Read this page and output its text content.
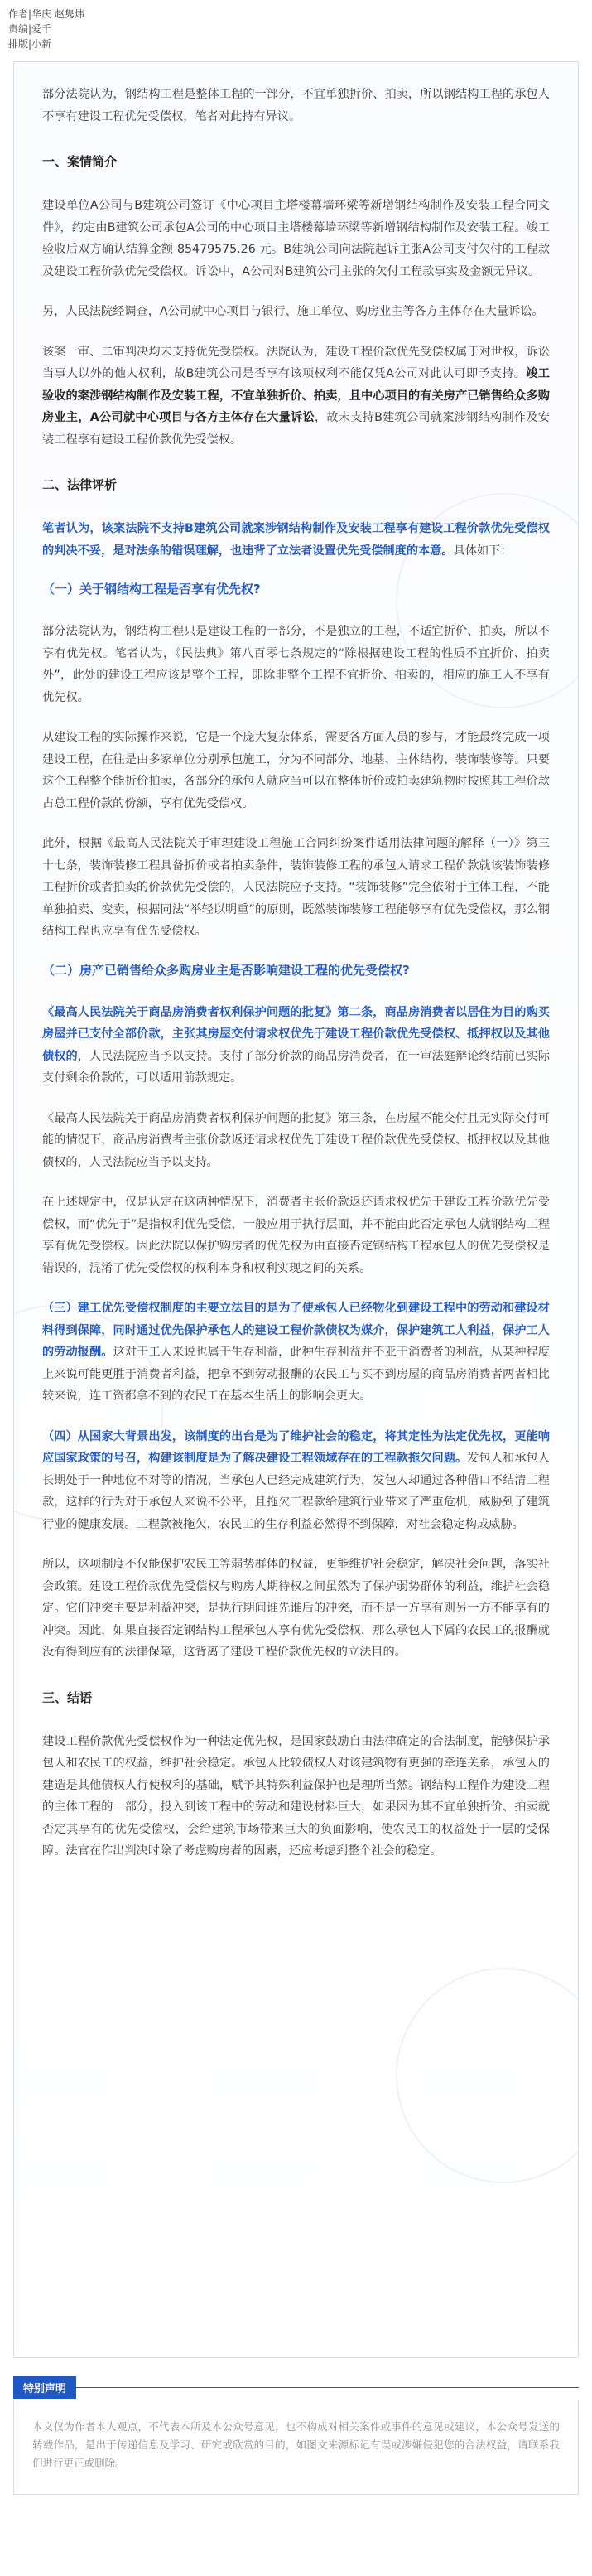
作者|华庆 赵隽炜
责编|爱千
排版|小新

部分法院认为，钢结构工程是整体工程的一部分，不宜单独折价、拍卖，所以钢结构工程的承包人不享有建设工程优先受偿权，笔者对此持有异议。

一、案情简介

建设单位A公司与B建筑公司签订《中心项目主塔楼幕墙环梁等新增钢结构制作及安装工程合同文件》，约定由B建筑公司承包A公司的中心项目主塔楼幕墙环梁等新增钢结构制作及安装工程。竣工验收后双方确认结算金额 85479575.26 元。B建筑公司向法院起诉主张A公司支付欠付的工程款及建设工程价款优先受偿权。诉讼中，A公司对B建筑公司主张的欠付工程款事实及金额无异议。

另，人民法院经调查，A公司就中心项目与银行、施工单位、购房业主等各方主体存在大量诉讼。

该案一审、二审判决均未支持优先受偿权。法院认为，建设工程价款优先受偿权属于对世权，诉讼当事人以外的他人权利，故B建筑公司是否享有该项权利不能仅凭A公司对此认可即予支持。竣工验收的案涉钢结构制作及安装工程，不宜单独折价、拍卖，且中心项目的有关房产已销售给众多购房业主，A公司就中心项目与各方主体存在大量诉讼，故未支持B建筑公司就案涉钢结构制作及安装工程享有建设工程价款优先受偿权。

二、法律评析

笔者认为，该案法院不支持B建筑公司就案涉钢结构制作及安装工程享有建设工程价款优先受偿权的判决不妥，是对法条的错误理解，也违背了立法者设置优先受偿制度的本意。具体如下：

（一）关于钢结构工程是否享有优先权?

部分法院认为，钢结构工程只是建设工程的一部分，不是独立的工程，不适宜折价、拍卖，所以不享有优先权。笔者认为，《民法典》第八百零七条规定的“除根据建设工程的性质不宜折价、拍卖外”，此处的建设工程应该是整个工程，即除非整个工程不宜折价、拍卖的，相应的施工人不享有优先权。

从建设工程的实际操作来说，它是一个庞大复杂体系，需要各方面人员的参与，才能最终完成一项建设工程，在往是由多家单位分别承包施工，分为不同部分、地基、主体结构、装饰装修等。只要这个工程整个能折价拍卖，各部分的承包人就应当可以在整体折价或拍卖建筑物时按照其工程价款占总工程价款的份额，享有优先受偿权。

此外，根据《最高人民法院关于审理建设工程施工合同纠纷案件适用法律问题的解释（一）》第三十七条，装饰装修工程具备折价或者拍卖条件，装饰装修工程的承包人请求工程价款就该装饰装修工程折价或者拍卖的价款优先受偿的，人民法院应予支持。“装饰装修”完全依附于主体工程，不能单独拍卖、变卖，根据同法“举轻以明重”的原则，既然装饰装修工程能够享有优先受偿权，那么钢结构工程也应享有优先受偿权。

（二）房产已销售给众多购房业主是否影响建设工程的优先受偿权?

《最高人民法院关于商品房消费者权利保护问题的批复》第二条，商品房消费者以居住为目的购买房屋并已支付全部价款，主张其房屋交付请求权优先于建设工程价款优先受偿权、抵押权以及其他债权的，人民法院应当予以支持。支付了部分价款的商品房消费者，在一审法庭辩论终结前已实际支付剩余价款的，可以适用前款规定。

《最高人民法院关于商品房消费者权利保护问题的批复》第三条，在房屋不能交付且无实际交付可能的情况下，商品房消费者主张价款返还请求权优先于建设工程价款优先受偿权、抵押权以及其他债权的，人民法院应当予以支持。

在上述规定中，仅是认定在这两种情况下，消费者主张价款返还请求权优先于建设工程价款优先受偿权，而“优先于”是指权利优先受偿，一般应用于执行层面，并不能由此否定承包人就钢结构工程享有优先受偿权。因此法院以保护购房者的优先权为由直接否定钢结构工程承包人的优先受偿权是错误的，混淆了优先受偿权的权利本身和权利实现之间的关系。

（三）建工优先受偿权制度的主要立法目的是为了使承包人已经物化到建设工程中的劳动和建设材料得到保障，同时通过优先保护承包人的建设工程价款债权为媒介，保护建筑工人利益，保护工人的劳动报酬。这对于工人来说也属于生存利益，此种生存利益并不亚于消费者的利益，从某种程度上来说可能更胜于消费者利益，把拿不到劳动报酬的农民工与买不到房屋的商品房消费者两者相比较来说，连工资都拿不到的农民工在基本生活上的影响会更大。

（四）从国家大背景出发，该制度的出台是为了维护社会的稳定，将其定性为法定优先权，更能响应国家政策的号召，构建该制度是为了解决建设工程领域存在的工程款拖欠问题。发包人和承包人长期处于一种地位不对等的情况，当承包人已经完成建筑行为，发包人却通过各种借口不结清工程款，这样的行为对于承包人来说不公平，且拖欠工程款给建筑行业带来了严重危机，威胁到了建筑行业的健康发展。工程款被拖欠，农民工的生存利益必然得不到保障，对社会稳定构成威胁。

所以，这项制度不仅能保护农民工等弱势群体的权益，更能维护社会稳定，解决社会问题，落实社会政策。建设工程价款优先受偿权与购房人期待权之间虽然为了保护弱势群体的利益，维护社会稳定。它们冲突主要是利益冲突，是执行期间谁先谁后的冲突，而不是一方享有则另一方不能享有的冲突。因此，如果直接否定钢结构工程承包人享有优先受偿权，那么承包人下属的农民工的报酬就没有得到应有的法律保障，这背离了建设工程价款优先权的立法目的。

三、结语

建设工程价款优先受偿权作为一种法定优先权，是国家鼓励自由法律确定的合法制度，能够保护承包人和农民工的权益，维护社会稳定。承包人比较债权人对该建筑物有更强的牵连关系，承包人的建造是其他债权人行使权利的基础，赋予其特殊利益保护也是理所当然。钢结构工程作为建设工程的主体工程的一部分，投入到该工程中的劳动和建设材料巨大，如果因为其不宜单独折价、拍卖就否定其享有的优先受偿权，会给建筑市场带来巨大的负面影响，使农民工的权益处于一层的受保障。法官在作出判决时除了考虑购房者的因素，还应考虑到整个社会的稳定。

特别声明
本文仅为作者本人观点，不代表本所及本公众号意见，也不构成对相关案件或事件的意见或建议，本公众号发送的转载作品，是出于传递信息及学习、研究或欣赏的目的，如图文来源标记有误或涉嫌侵犯您的合法权益，请联系我们进行更正或删除。
